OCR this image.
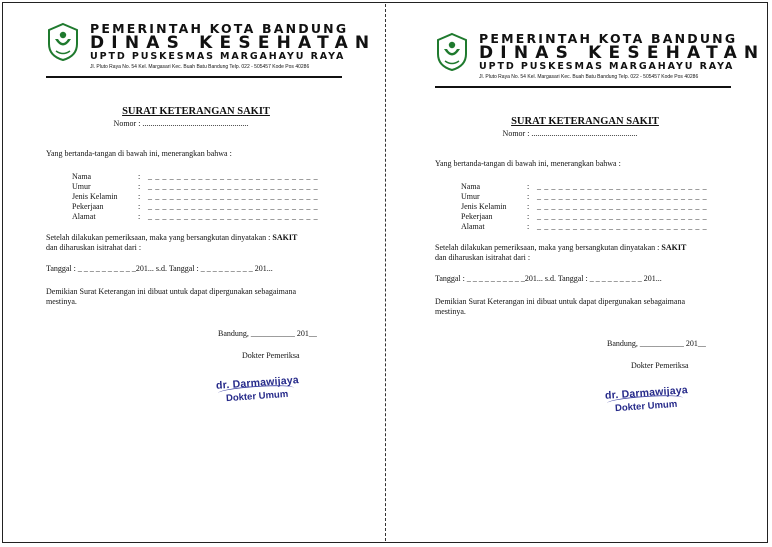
PEMERINTAH KOTA BANDUNG
DINAS KESEHATAN
UPTD PUSKESMAS MARGAHAYU RAYA
Jl. Pluto Raya No. 54 Kel. Margasari Kec. Buah Batu Bandung Telp. 022 - 505457 Kode Pos 40286
SURAT KETERANGAN SAKIT
Nomor : .....................................................

Yang bertanda-tangan di bawah ini, menerangkan bahwa :

Nama	: _ _ _ _ _ _ _ _ _ _ _ _ _ _ _ _ _ _ _ _ _ _ _ _
Umur	: _ _ _ _ _ _ _ _ _ _ _ _ _ _ _ _ _ _ _ _ _ _ _ _
Jenis Kelamin	: _ _ _ _ _ _ _ _ _ _ _ _ _ _ _ _ _ _ _ _ _ _ _ _
Pekerjaan	: _ _ _ _ _ _ _ _ _ _ _ _ _ _ _ _ _ _ _ _ _ _ _ _
Alamat	: _ _ _ _ _ _ _ _ _ _ _ _ _ _ _ _ _ _ _ _ _ _ _ _

Setelah dilakukan pemeriksaan, maka yang bersangkutan dinyatakan : SAKIT

dan diharuskan isitrahat dari :

Tanggal : _ _ _ _ _ _ _ _ _ _201... s.d. Tanggal : _ _ _ _ _ _ _ _ _ 201...

Demikian Surat Keterangan ini dibuat untuk dapat dipergunakan sebagaimana

mestinya.

Bandung, ___________ 201__
Dokter Pemeriksa
dr. Darmawijaya
Dokter Umum
PEMERINTAH KOTA BANDUNG
DINAS KESEHATAN
UPTD PUSKESMAS MARGAHAYU RAYA
Jl. Pluto Raya No. 54 Kel. Margasari Kec. Buah Batu Bandung Telp. 022 - 505457 Kode Pos 40286
SURAT KETERANGAN SAKIT
Nomor : .....................................................

Yang bertanda-tangan di bawah ini, menerangkan bahwa :

Nama	: _ _ _ _ _ _ _ _ _ _ _ _ _ _ _ _ _ _ _ _ _ _ _ _
Umur	: _ _ _ _ _ _ _ _ _ _ _ _ _ _ _ _ _ _ _ _ _ _ _ _
Jenis Kelamin	: _ _ _ _ _ _ _ _ _ _ _ _ _ _ _ _ _ _ _ _ _ _ _ _
Pekerjaan	: _ _ _ _ _ _ _ _ _ _ _ _ _ _ _ _ _ _ _ _ _ _ _ _
Alamat	: _ _ _ _ _ _ _ _ _ _ _ _ _ _ _ _ _ _ _ _ _ _ _ _

Setelah dilakukan pemeriksaan, maka yang bersangkutan dinyatakan : SAKIT

dan diharuskan isitrahat dari :

Tanggal : _ _ _ _ _ _ _ _ _ _201... s.d. Tanggal : _ _ _ _ _ _ _ _ _ 201...

Demikian Surat Keterangan ini dibuat untuk dapat dipergunakan sebagaimana

mestinya.

Bandung, ___________ 201__
Dokter Pemeriksa
dr. Darmawijaya
Dokter Umum
